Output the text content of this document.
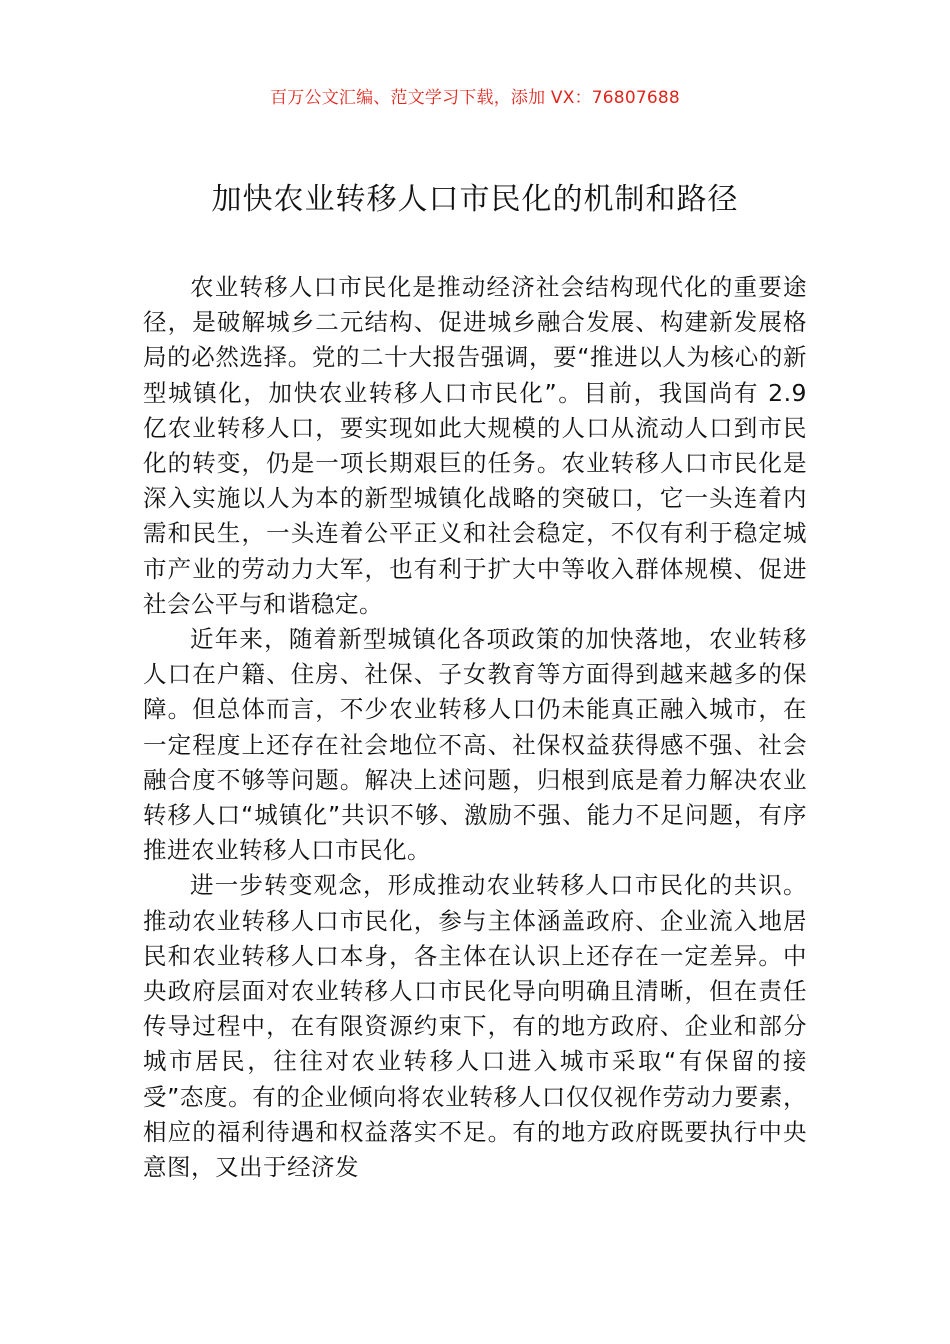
百万公文汇编、范文学习下载，添加 VX：76807688
加快农业转移人口市民化的机制和路径

农业转移人口市民化是推动经济社会结构现代化的重要途径，是破解城乡二元结构、促进城乡融合发展、构建新发展格局的必然选择。党的二十大报告强调，要“推进以人为核心的新型城镇化，加快农业转移人口市民化”。目前，我国尚有 2.9 亿农业转移人口，要实现如此大规模的人口从流动人口到市民化的转变，仍是一项长期艰巨的任务。农业转移人口市民化是深入实施以人为本的新型城镇化战略的突破口，它一头连着内需和民生，一头连着公平正义和社会稳定，不仅有利于稳定城市产业的劳动力大军，也有利于扩大中等收入群体规模、促进社会公平与和谐稳定。

近年来，随着新型城镇化各项政策的加快落地，农业转移人口在户籍、住房、社保、子女教育等方面得到越来越多的保障。但总体而言，不少农业转移人口仍未能真正融入城市，在一定程度上还存在社会地位不高、社保权益获得感不强、社会融合度不够等问题。解决上述问题，归根到底是着力解决农业转移人口“城镇化”共识不够、激励不强、能力不足问题，有序推进农业转移人口市民化。

进一步转变观念，形成推动农业转移人口市民化的共识。推动农业转移人口市民化，参与主体涵盖政府、企业流入地居民和农业转移人口本身，各主体在认识上还存在一定差异。中央政府层面对农业转移人口市民化导向明确且清晰，但在责任传导过程中，在有限资源约束下，有的地方政府、企业和部分城市居民，往往对农业转移人口进入城市采取“有保留的接受”态度。有的企业倾向将农业转移人口仅仅视作劳动力要素，相应的福利待遇和权益落实不足。有的地方政府既要执行中央意图，又出于经济发
